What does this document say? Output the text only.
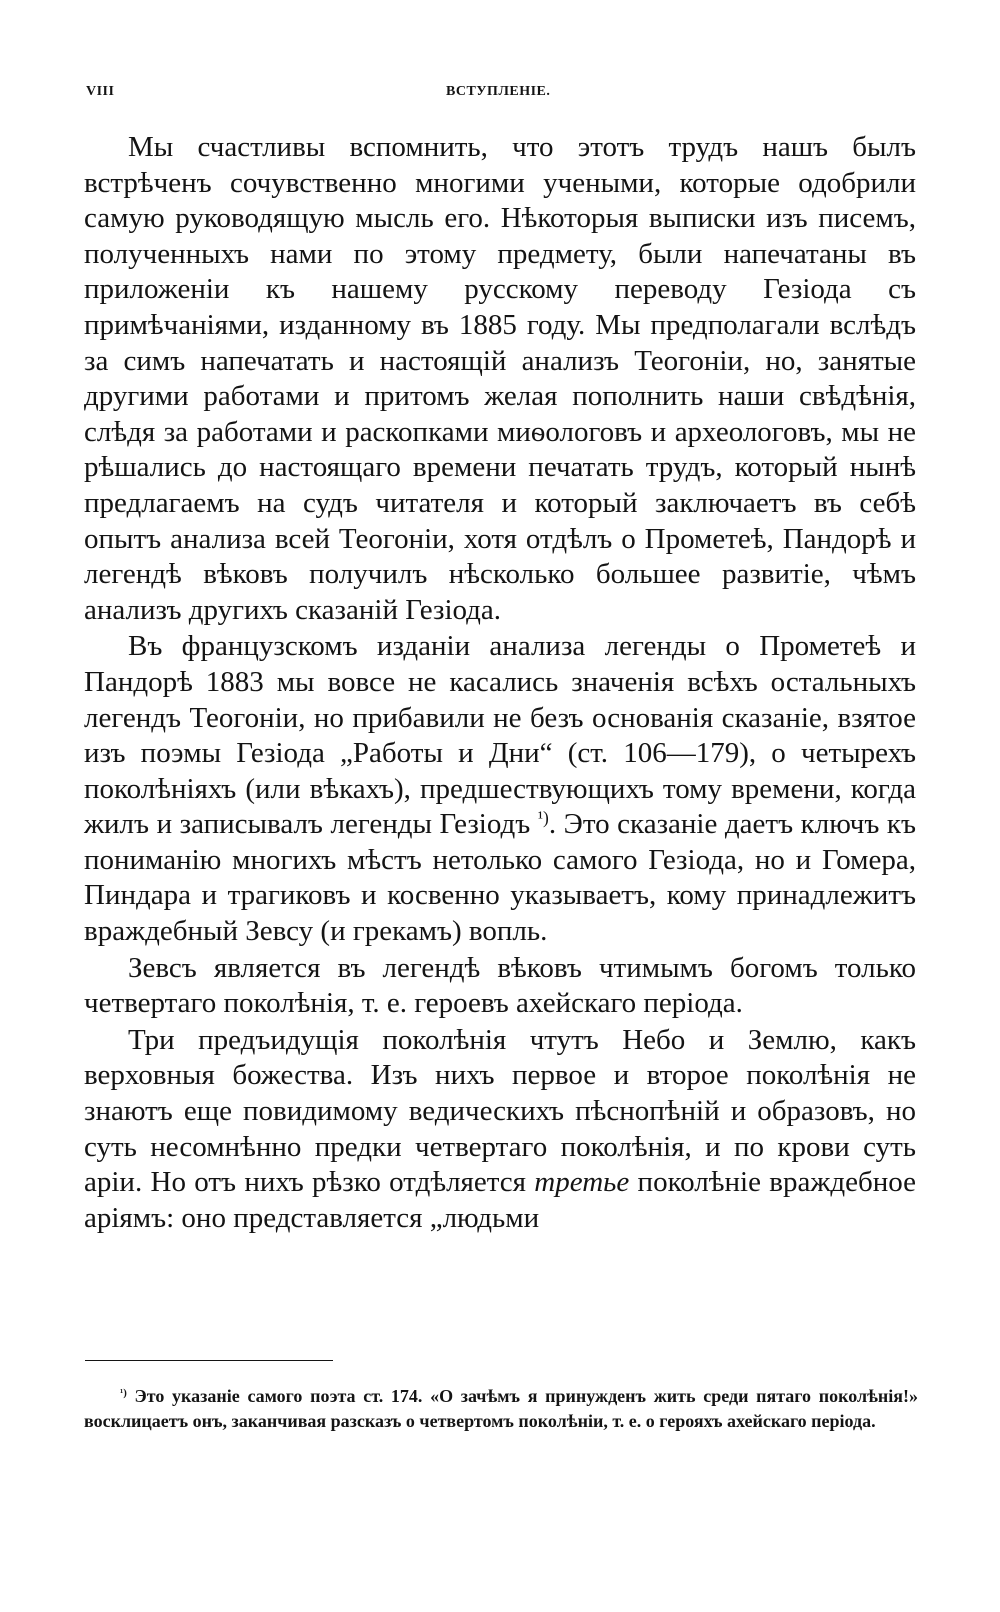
VIII	ВСТУПЛЕНІЕ.

Мы счастливы вспомнить, что этотъ трудъ нашъ былъ встрѣченъ сочувственно многими учеными, которые одобрили самую руководящую мысль его. Нѣкоторыя выписки изъ писемъ, полученныхъ нами по этому предмету, были напечатаны въ приложеніи къ нашему русскому переводу Гезіода съ примѣчаніями, изданному въ 1885 году. Мы предполагали вслѣдъ за симъ напечатать и настоящій анализъ Теогоніи, но, занятые другими работами и притомъ желая пополнить наши свѣдѣнія, слѣдя за работами и раскопками миѳологовъ и археологовъ, мы не рѣшались до настоящаго времени печатать трудъ, который нынѣ предлагаемъ на судъ читателя и который заключаетъ въ себѣ опытъ анализа всей Теогоніи, хотя отдѣлъ о Прометеѣ, Пандорѣ и легендѣ вѣковъ получилъ нѣсколько большее развитіе, чѣмъ анализъ другихъ сказаній Гезіода.

Въ французскомъ изданіи анализа легенды о Прометеѣ и Пандорѣ 1883 мы вовсе не касались значенія всѣхъ остальныхъ легендъ Теогоніи, но прибавили не безъ основанія сказаніе, взятое изъ поэмы Гезіода „Работы и Дни“ (ст. 106—179), о четырехъ поколѣніяхъ (или вѣкахъ), предшествующихъ тому времени, когда жилъ и записывалъ легенды Гезіодъ $^{^1)}$. Это сказаніе даетъ ключъ къ пониманію многихъ мѣстъ нетолько самого Гезіода, но и Гомера, Пиндара и трагиковъ и косвенно указываетъ, кому принадлежитъ враждебный Зевсу (и грекамъ) вопль.

Зевсъ является въ легендѣ вѣковъ чтимымъ богомъ только четвертаго поколѣнія, т. е. героевъ ахейскаго періода.

Три предъидущія поколѣнія чтутъ Небо и Землю, какъ верховныя божества. Изъ нихъ первое и второе поколѣнія не знаютъ еще повидимому ведическихъ пѣснопѣній и образовъ, но суть несомнѣнно предки четвертаго поколѣнія, и по крови суть аріи. Но отъ нихъ рѣзко отдѣляется третье поколѣніе враждебное аріямъ: оно представляется „людьми

$^{^1)}$ Это указаніе самого поэта ст. 174. «О зачѣмъ я принужденъ жить среди пятаго поколѣнія!» восклицаетъ онъ, заканчивая разсказъ о четвертомъ поколѣніи, т. е. о герояхъ ахейскаго періода.
